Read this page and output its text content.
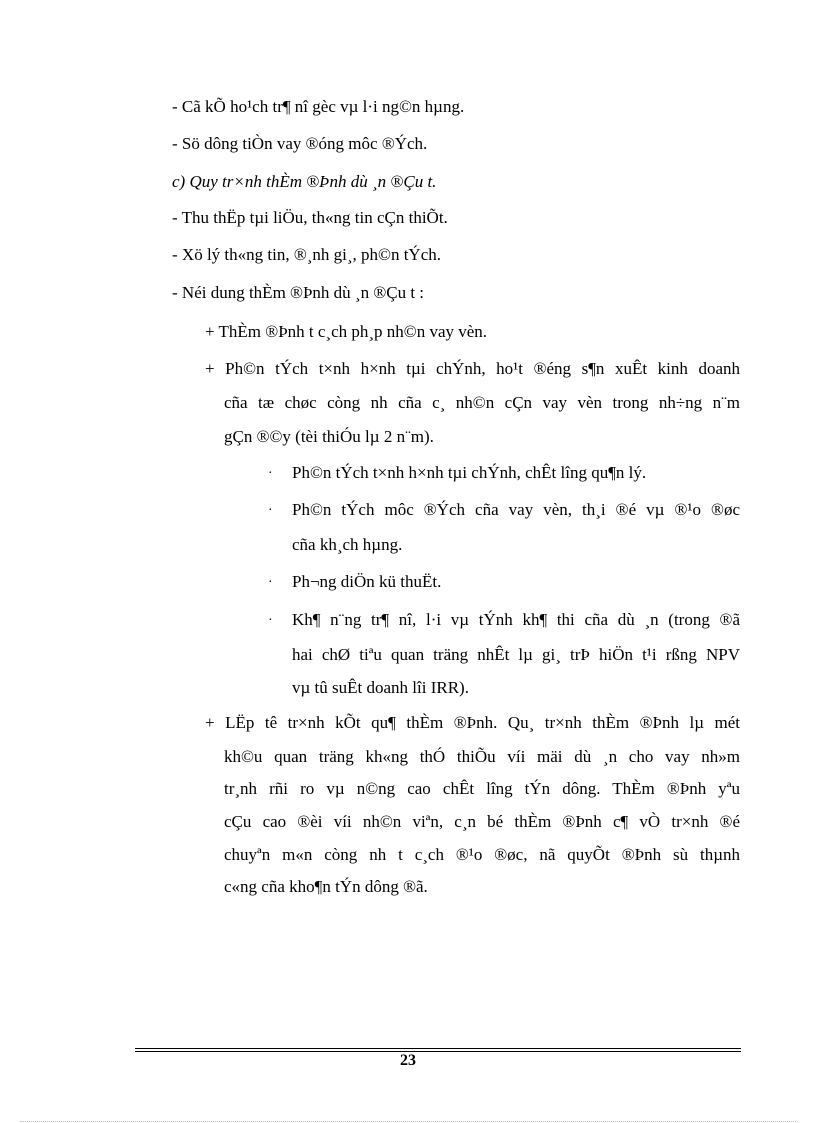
- Cã kÕ ho¹ch tr¶ nî gèc vµ l·i ng©n hµng.
- Sö dông tiÒn vay ®óng môc ®Ých.
c) Quy tr×nh thÈm ®Þnh dù ¸n ®Çu t.
- Thu thËp tµi liÖu, th«ng tin cÇn thiÕt.
- Xö lý th«ng tin, ®¸nh gi¸, ph©n tÝch.
- Néi dung thÈm ®Þnh dù ¸n ®Çu t :
+ ThÈm ®Þnh t c¸ch ph¸p nh©n vay vèn.
+ Ph©n tÝch t×nh h×nh tµi chÝnh, ho¹t ®éng s¶n xuÊt kinh doanh
cña tæ chøc còng nh cña c¸ nh©n cÇn vay vèn trong nh÷ng n¨m
gÇn ®©y (tèi thiÓu lµ 2 n¨m).
· Ph©n tÝch t×nh h×nh tµi chÝnh, chÊt lîng qu¶n lý.
· Ph©n tÝch môc ®Ých cña vay vèn, th¸i ®é vµ ®¹o ®øc
cña kh¸ch hµng.
· Ph¬ng diÖn kü thuËt.
· Kh¶ n¨ng tr¶ nî, l·i vµ tÝnh kh¶ thi cña dù ¸n (trong ®ã
hai chØ tiªu quan träng nhÊt lµ gi¸ trÞ hiÖn t¹i rßng NPV
vµ tû suÊt doanh lîi IRR).
+ LËp tê tr×nh kÕt qu¶ thÈm ®Þnh. Qu¸ tr×nh thÈm ®Þnh lµ mét
kh©u quan träng kh«ng thÓ thiÕu víi mäi dù ¸n cho vay nh»m
tr¸nh rñi ro vµ n©ng cao chÊt lîng tÝn dông. ThÈm ®Þnh yªu
cÇu cao ®èi víi nh©n viªn, c¸n bé thÈm ®Þnh c¶ vÒ tr×nh ®é
chuyªn m«n còng nh t c¸ch ®¹o ®øc, nã quyÕt ®Þnh sù thµnh
c«ng cña kho¶n tÝn dông ®ã.
23
